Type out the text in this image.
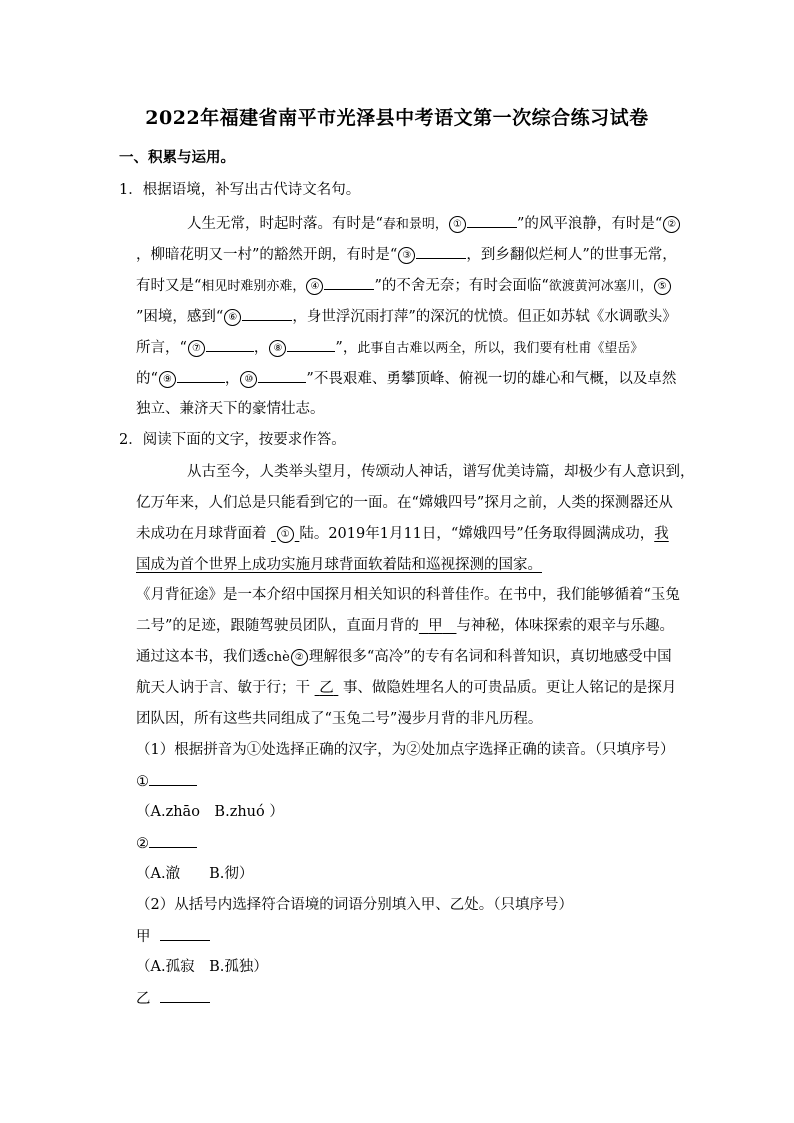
2022年福建省南平市光泽县中考语文第一次综合练习试卷
一、积累与运用。
1．根据语境，补写出古代诗文名句。
人生无常，时起时落。有时是“春和景明， ①	”的风平浪静，有时是“ ②
，柳暗花明又一村”的豁然开朗，有时是“ ③	，到乡翻似烂柯人”的世事无常，
有时又是“相见时难别亦难， ④	”的不舍无奈；有时会面临“欲渡黄河冰塞川， ⑤
”困境，感到“ ⑥	，身世浮沉雨打萍”的深沉的忧愤。但正如苏轼《水调歌头》
所言，“ ⑦	， ⑧	”，此事自古难以两全，所以，我们要有杜甫《望岳》
的“ ⑨	， ⑩	”不畏艰难、勇攀顶峰、俯视一切的雄心和气概，以及卓然
独立、兼济天下的豪情壮志。
2．阅读下面的文字，按要求作答。
从古至今，人类举头望月，传颂动人神话，谱写优美诗篇，却极少有人意识到，
亿万年来，人们总是只能看到它的一面。在“嫦娥四号”探月之前，人类的探测器还从
未成功在月球背面着 ① 陆。2019年1月11日，“嫦娥四号”任务取得圆满成功，我
国成为首个世界上成功实施月球背面软着陆和巡视探测的国家。
《月背征途》是一本介绍中国探月相关知识的科普佳作。在书中，我们能够循着“玉兔
二号”的足迹，跟随驾驶员团队，直面月背的 甲 与神秘，体味探索的艰辛与乐趣。
通过这本书，我们透chè ② 理解很多“高冷”的专有名词和科普知识，真切地感受中国
航天人讷于言、敏于行；干 乙 事、做隐姓埋名人的可贵品质。更让人铭记的是探月
团队因，所有这些共同组成了“玉兔二号”漫步月背的非凡历程。
（1）根据拼音为①处选择正确的汉字，为②处加点字选择正确的读音。（只填序号）
①
（A.zhāo　B.zhuó ）
②
（A.澈　　B.彻）
（2）从括号内选择符合语境的词语分别填入甲、乙处。（只填序号）
甲
（A.孤寂　B.孤独）
乙
